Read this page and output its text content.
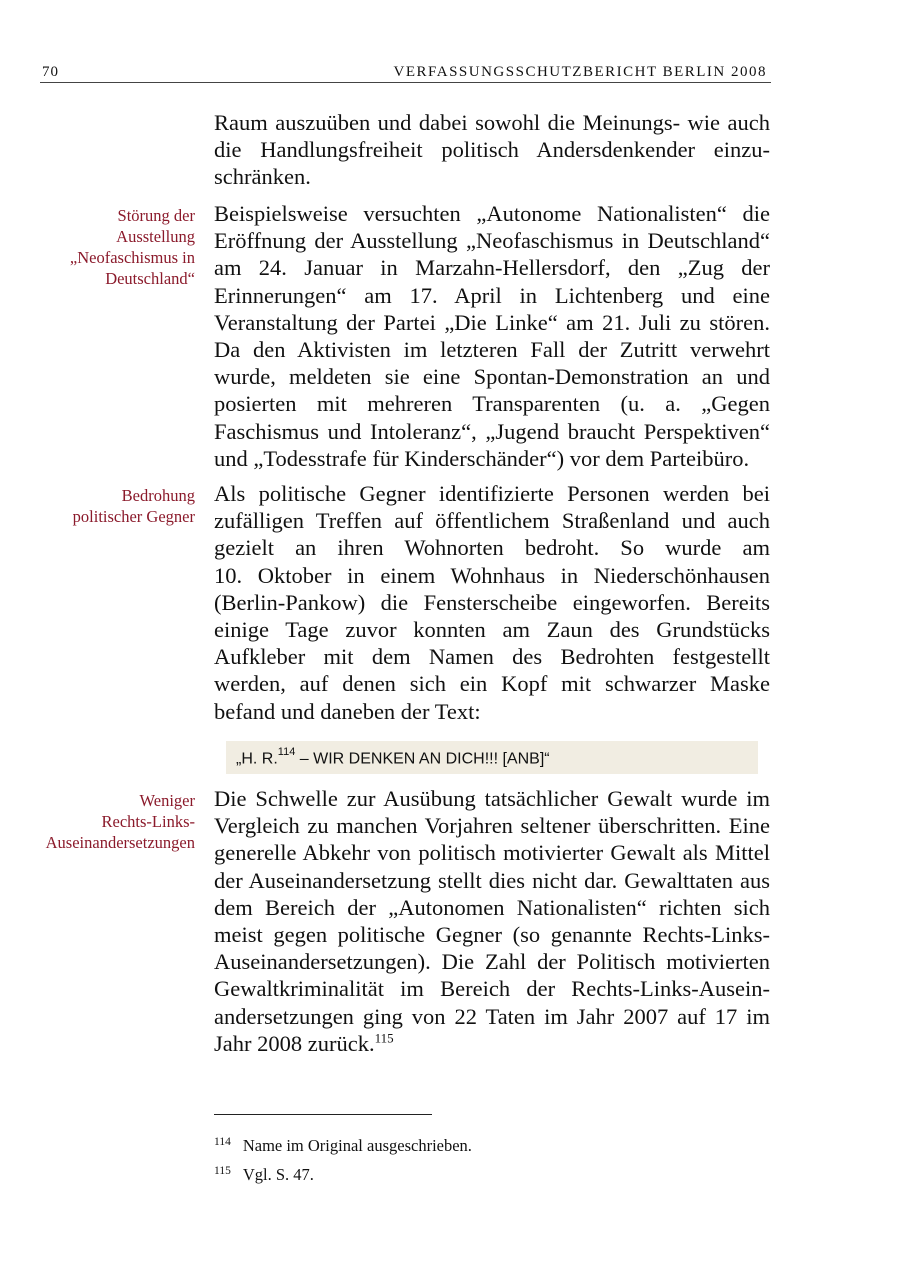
70	VERFASSUNGSSCHUTZBERICHT BERLIN 2008

Raum auszuüben und dabei sowohl die Meinungs- wie auch
die Handlungsfreiheit politisch Andersdenkender einzu-
schränken.

Störung der
Ausstellung
„Neofaschismus in
Deutschland“

Beispielsweise versuchten „Autonome Nationalisten“ die
Eröffnung der Ausstellung „Neofaschismus in Deutschland“
am 24. Januar in Marzahn-Hellersdorf, den „Zug der
Erinnerungen“ am 17. April in Lichtenberg und eine
Veranstaltung der Partei „Die Linke“ am 21. Juli zu stören.
Da den Aktivisten im letzteren Fall der Zutritt verwehrt
wurde, meldeten sie eine Spontan-Demonstration an und
posierten mit mehreren Transparenten (u. a. „Gegen
Faschismus und Intoleranz“, „Jugend braucht Perspektiven“
und „Todesstrafe für Kinderschänder“) vor dem Parteibüro.

Bedrohung
politischer Gegner

Als politische Gegner identifizierte Personen werden bei
zufälligen Treffen auf öffentlichem Straßenland und auch
gezielt an ihren Wohnorten bedroht. So wurde am
10. Oktober in einem Wohnhaus in Niederschönhausen
(Berlin-Pankow) die Fensterscheibe eingeworfen. Bereits
einige Tage zuvor konnten am Zaun des Grundstücks
Aufkleber mit dem Namen des Bedrohten festgestellt
werden, auf denen sich ein Kopf mit schwarzer Maske
befand und daneben der Text:

„H. R.$^{114}$ – WIR DENKEN AN DICH!!! [ANB]“
Weniger
Rechts-Links-
Auseinandersetzungen

Die Schwelle zur Ausübung tatsächlicher Gewalt wurde im
Vergleich zu manchen Vorjahren seltener überschritten. Eine
generelle Abkehr von politisch motivierter Gewalt als Mittel
der Auseinandersetzung stellt dies nicht dar. Gewalttaten aus
dem Bereich der „Autonomen Nationalisten“ richten sich
meist gegen politische Gegner (so genannte Rechts-Links-
Auseinandersetzungen). Die Zahl der Politisch motivierten
Gewaltkriminalität im Bereich der Rechts-Links-Ausein-
andersetzungen ging von 22 Taten im Jahr 2007 auf 17 im
Jahr 2008 zurück.$^{115}$

$^{114}$ Name im Original ausgeschrieben.
$^{115}$ Vgl. S. 47.
